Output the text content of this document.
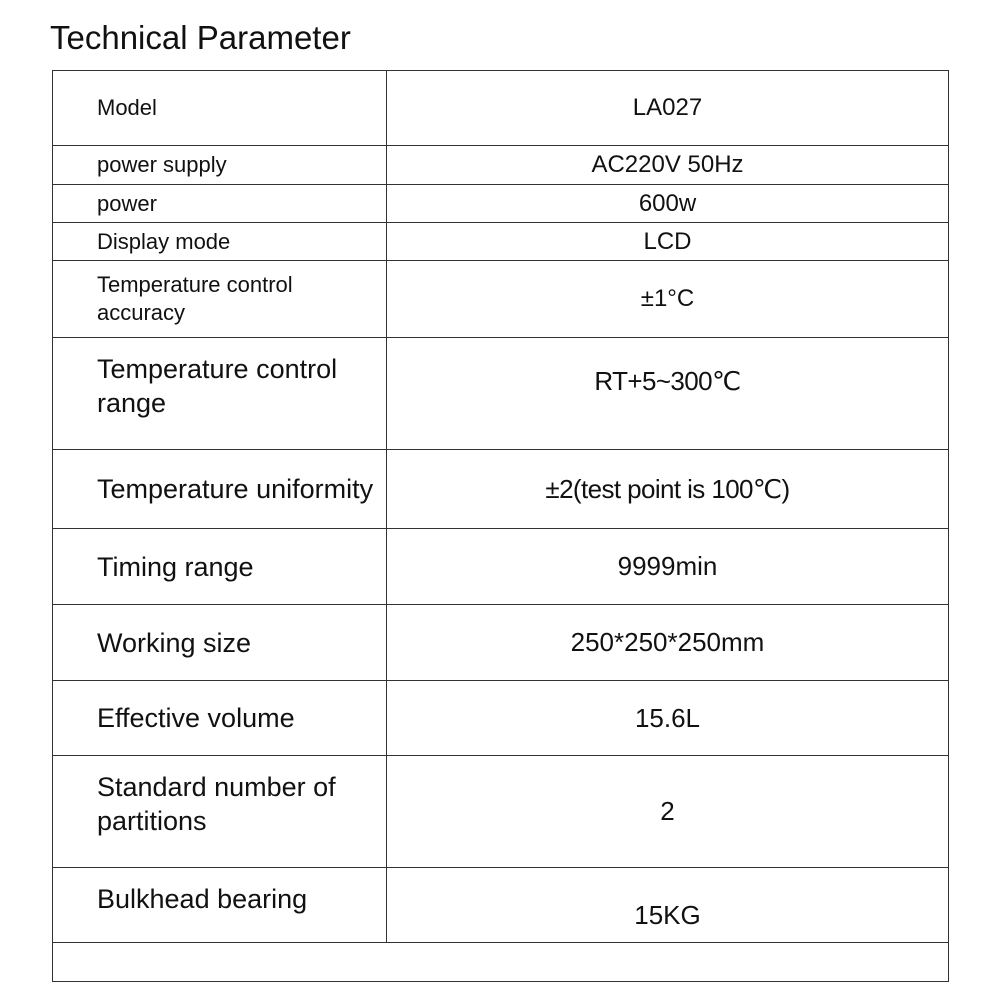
Technical Parameter
Model	LA027
power supply	AC220V 50Hz
power	600w
Display mode	LCD
Temperature control accuracy	±1°C

Temperature control range	RT+5~300℃

Temperature uniformity	±2(test point is 100℃)
Timing range	9999min
Working size	250*250*250mm
Effective volume	15.6L

Standard number of partitions	2

Bulkhead bearing	15KG
